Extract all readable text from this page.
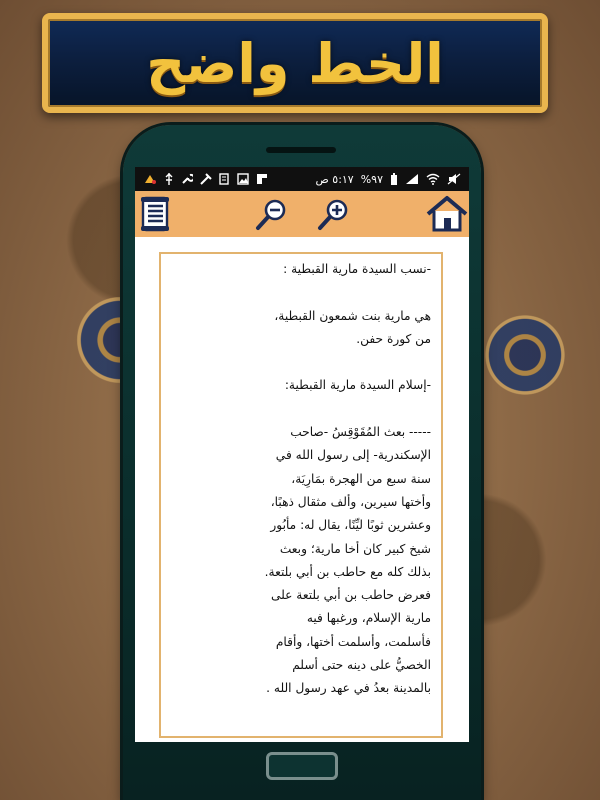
الخط واضح
٥:١٧ ص ٩٧%

-نسب السيدة مارية القبطية :

هي مارية بنت شمعون القبطية،
من كورة حفن.

-إسلام السيدة مارية القبطية:

----- بعث المُقَوْقِسُ -صاحب
الإسكندرية- إلى رسول الله في
سنة سبع من الهجرة بمَارِيَة،
وأختها سيرين، وألف مثقال ذهبًا،
وعشرين ثوبًا ليِّنًا، يقال له: مأبُور
شيخ كبير كان أخا مارية؛ وبعث
بذلك كله مع حاطب بن أبي بلتعة.
فعرض حاطب بن أبي بلتعة على
مارية الإسلام، ورغبها فيه
فأسلمت، وأسلمت أختها، وأقام
الخصيُّ على دينه حتى أسلم
بالمدينة بعدُ في عهد رسول الله .
